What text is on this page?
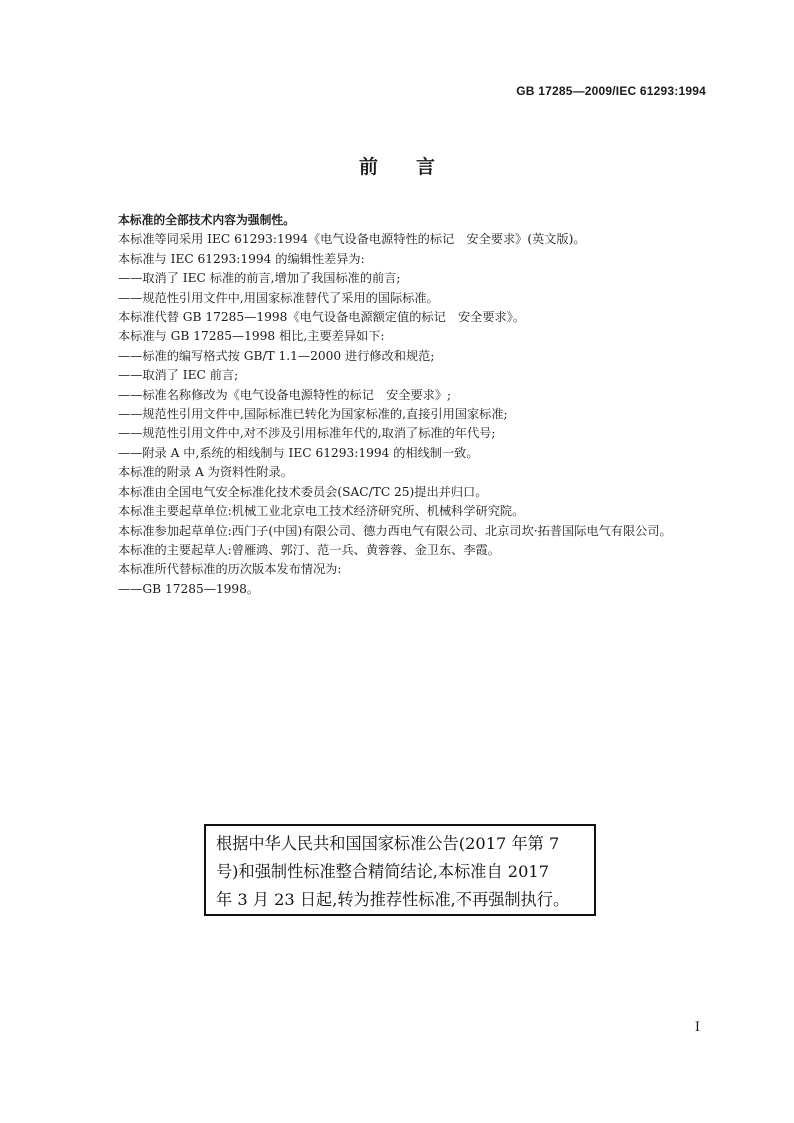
GB 17285—2009/IEC 61293:1994
前言

本标准的全部技术内容为强制性。

本标准等同采用 IEC 61293:1994《电气设备电源特性的标记　安全要求》(英文版)。

本标准与 IEC 61293:1994 的编辑性差异为:

——取消了 IEC 标准的前言,增加了我国标准的前言;

——规范性引用文件中,用国家标准替代了采用的国际标准。

本标准代替 GB 17285—1998《电气设备电源额定值的标记　安全要求》。

本标准与 GB 17285—1998 相比,主要差异如下:

——标准的编写格式按 GB/T 1.1—2000 进行修改和规范;

——取消了 IEC 前言;

——标准名称修改为《电气设备电源特性的标记　安全要求》;

——规范性引用文件中,国际标准已转化为国家标准的,直接引用国家标准;

——规范性引用文件中,对不涉及引用标准年代的,取消了标准的年代号;

——附录 A 中,系统的相线制与 IEC 61293:1994 的相线制一致。

本标准的附录 A 为资料性附录。

本标准由全国电气安全标准化技术委员会(SAC/TC 25)提出并归口。

本标准主要起草单位:机械工业北京电工技术经济研究所、机械科学研究院。

本标准参加起草单位:西门子(中国)有限公司、德力西电气有限公司、北京司坎·拓普国际电气有限公司。

本标准的主要起草人:曾雁鸿、郭汀、范一兵、黄蓉蓉、金卫东、李霞。

本标准所代替标准的历次版本发布情况为:

——GB 17285—1998。

根据中华人民共和国国家标准公告(2017 年第 7

号)和强制性标准整合精简结论,本标准自 2017

年 3 月 23 日起,转为推荐性标准,不再强制执行。

I
